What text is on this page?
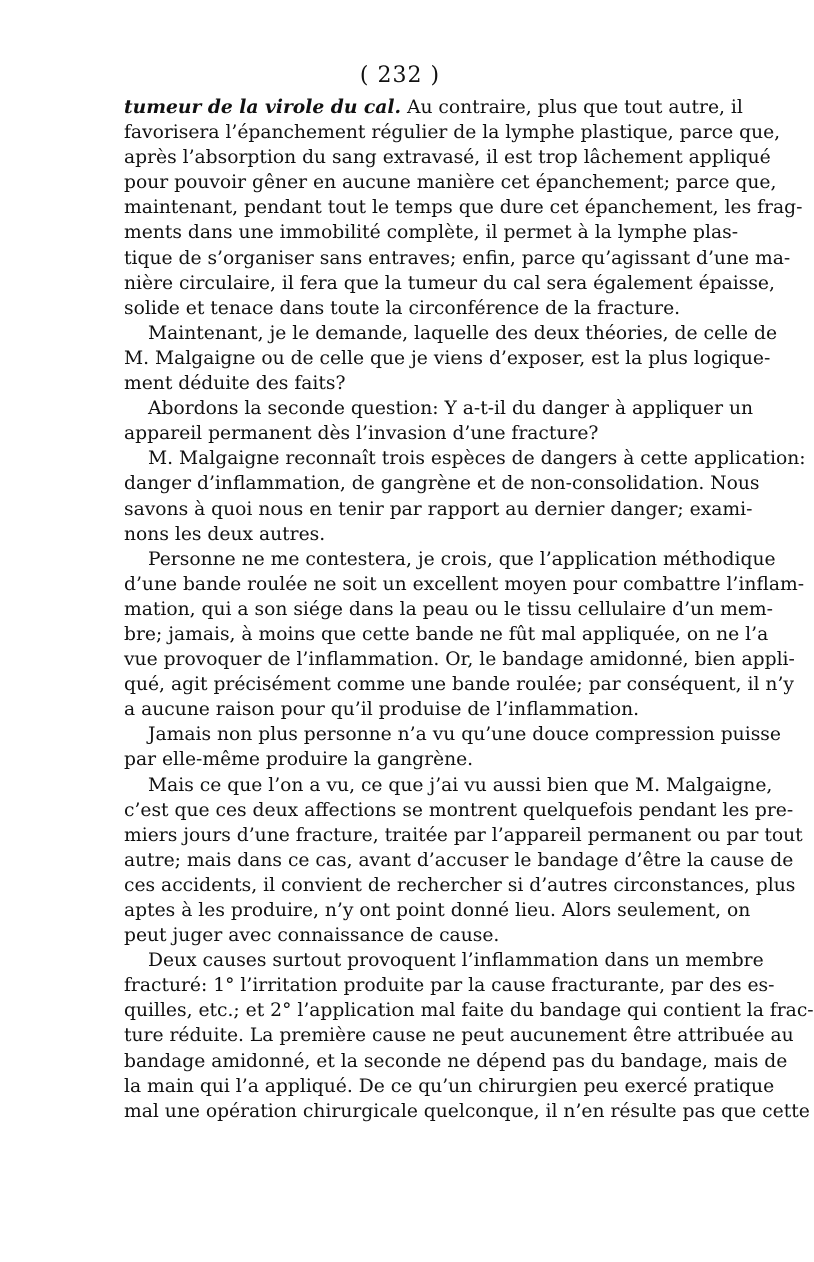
( 232 )
tumeur de la virole du cal. Au contraire, plus que tout autre, il
favorisera l’épanchement régulier de la lymphe plastique, parce que,
après l’absorption du sang extravasé, il est trop lâchement appliqué
pour pouvoir gêner en aucune manière cet épanchement; parce que,
maintenant, pendant tout le temps que dure cet épanchement, les frag-
ments dans une immobilité complète, il permet à la lymphe plas-
tique de s’organiser sans entraves; enfin, parce qu’agissant d’une ma-
nière circulaire, il fera que la tumeur du cal sera également épaisse,
solide et tenace dans toute la circonférence de la fracture.
Maintenant, je le demande, laquelle des deux théories, de celle de
M. Malgaigne ou de celle que je viens d’exposer, est la plus logique-
ment déduite des faits?
Abordons la seconde question: Y a-t-il du danger à appliquer un
appareil permanent dès l’invasion d’une fracture?
M. Malgaigne reconnaît trois espèces de dangers à cette application:
danger d’inflammation, de gangrène et de non-consolidation. Nous
savons à quoi nous en tenir par rapport au dernier danger; exami-
nons les deux autres.
Personne ne me contestera, je crois, que l’application méthodique
d’une bande roulée ne soit un excellent moyen pour combattre l’inflam-
mation, qui a son siége dans la peau ou le tissu cellulaire d’un mem-
bre; jamais, à moins que cette bande ne fût mal appliquée, on ne l’a
vue provoquer de l’inflammation. Or, le bandage amidonné, bien appli-
qué, agit précisément comme une bande roulée; par conséquent, il n’y
a aucune raison pour qu’il produise de l’inflammation.
Jamais non plus personne n’a vu qu’une douce compression puisse
par elle-même produire la gangrène.
Mais ce que l’on a vu, ce que j’ai vu aussi bien que M. Malgaigne,
c’est que ces deux affections se montrent quelquefois pendant les pre-
miers jours d’une fracture, traitée par l’appareil permanent ou par tout
autre; mais dans ce cas, avant d’accuser le bandage d’être la cause de
ces accidents, il convient de rechercher si d’autres circonstances, plus
aptes à les produire, n’y ont point donné lieu. Alors seulement, on
peut juger avec connaissance de cause.
Deux causes surtout provoquent l’inflammation dans un membre
fracturé: 1° l’irritation produite par la cause fracturante, par des es-
quilles, etc.; et 2° l’application mal faite du bandage qui contient la frac-
ture réduite. La première cause ne peut aucunement être attribuée au
bandage amidonné, et la seconde ne dépend pas du bandage, mais de
la main qui l’a appliqué. De ce qu’un chirurgien peu exercé pratique
mal une opération chirurgicale quelconque, il n’en résulte pas que cette
